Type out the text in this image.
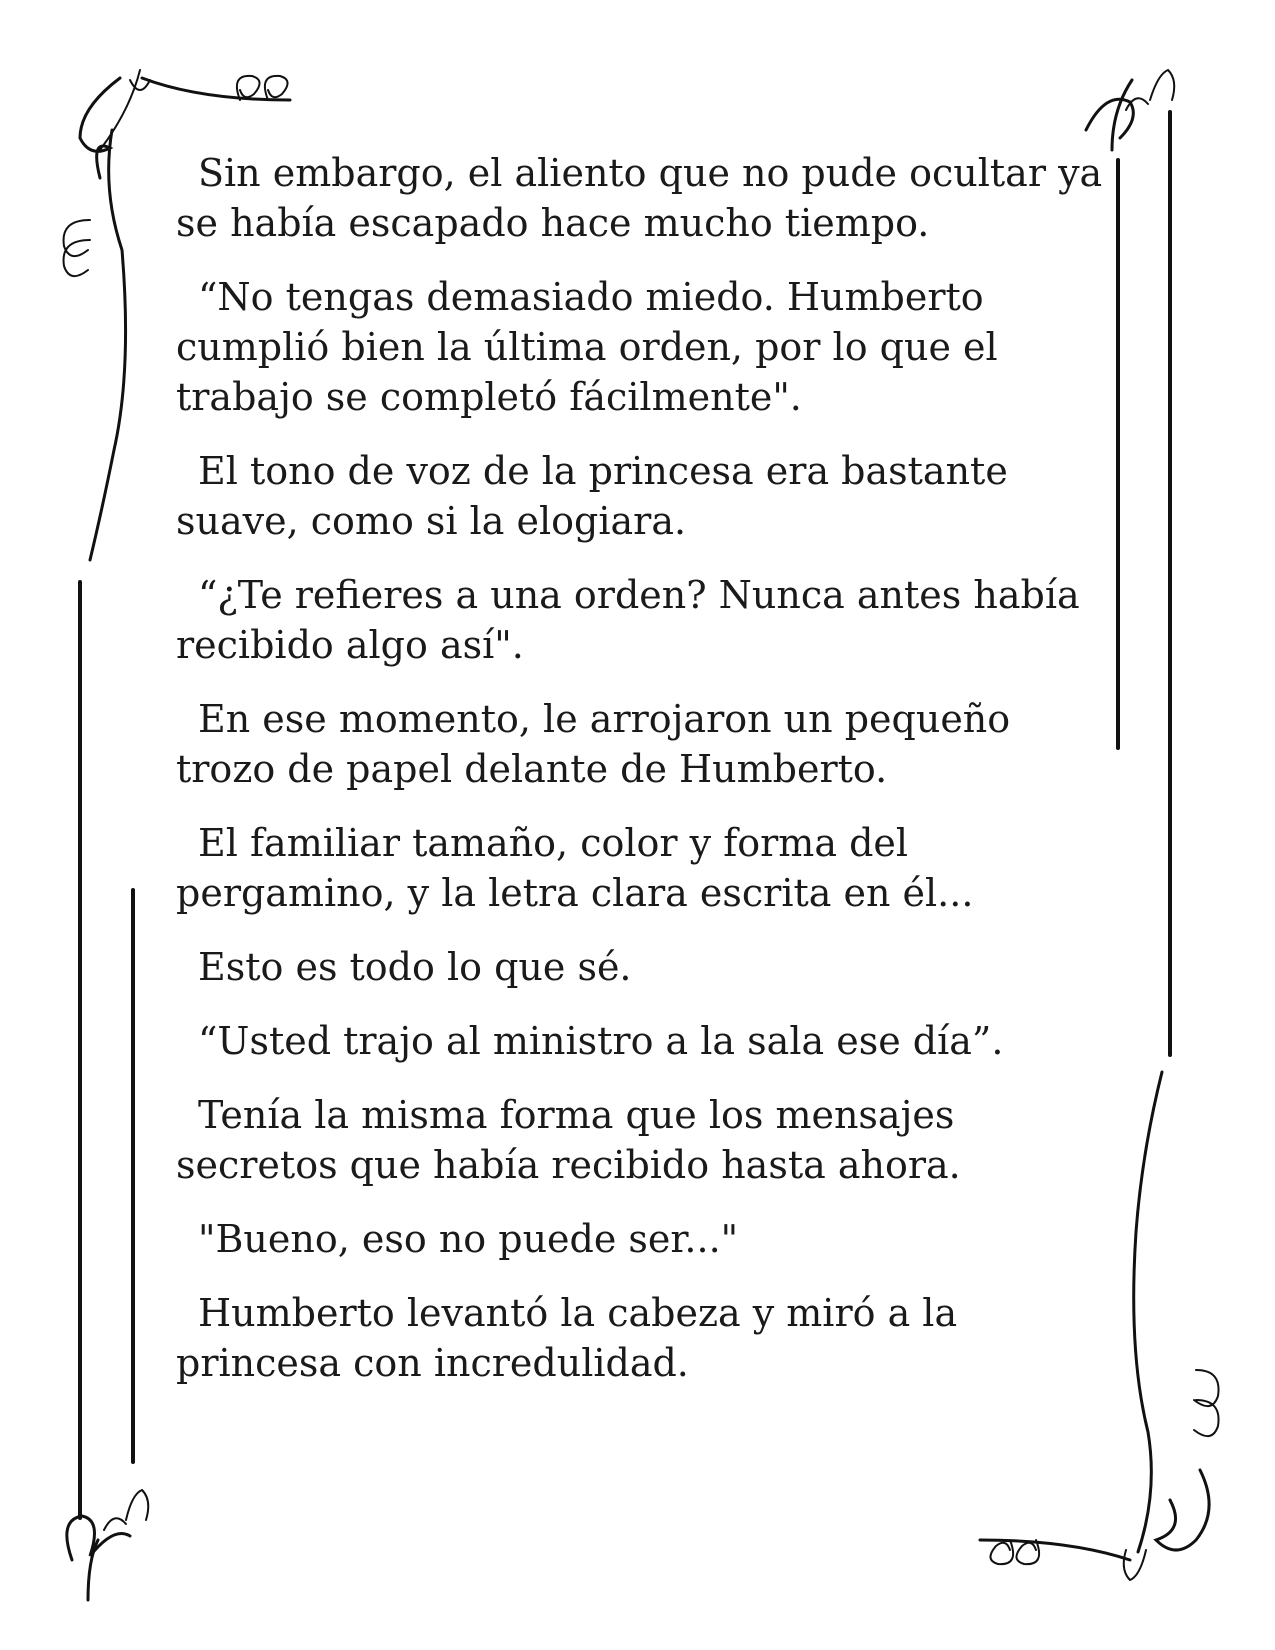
Sin embargo, el aliento que no pude ocultar ya
se había escapado hace mucho tiempo.

“No tengas demasiado miedo. Humberto
cumplió bien la última orden, por lo que el
trabajo se completó fácilmente".

El tono de voz de la princesa era bastante
suave, como si la elogiara.

“¿Te refieres a una orden? Nunca antes había
recibido algo así".

En ese momento, le arrojaron un pequeño
trozo de papel delante de Humberto.

El familiar tamaño, color y forma del
pergamino, y la letra clara escrita en él...

Esto es todo lo que sé.

“Usted trajo al ministro a la sala ese día”.

Tenía la misma forma que los mensajes
secretos que había recibido hasta ahora.

"Bueno, eso no puede ser..."

Humberto levantó la cabeza y miró a la
princesa con incredulidad.
